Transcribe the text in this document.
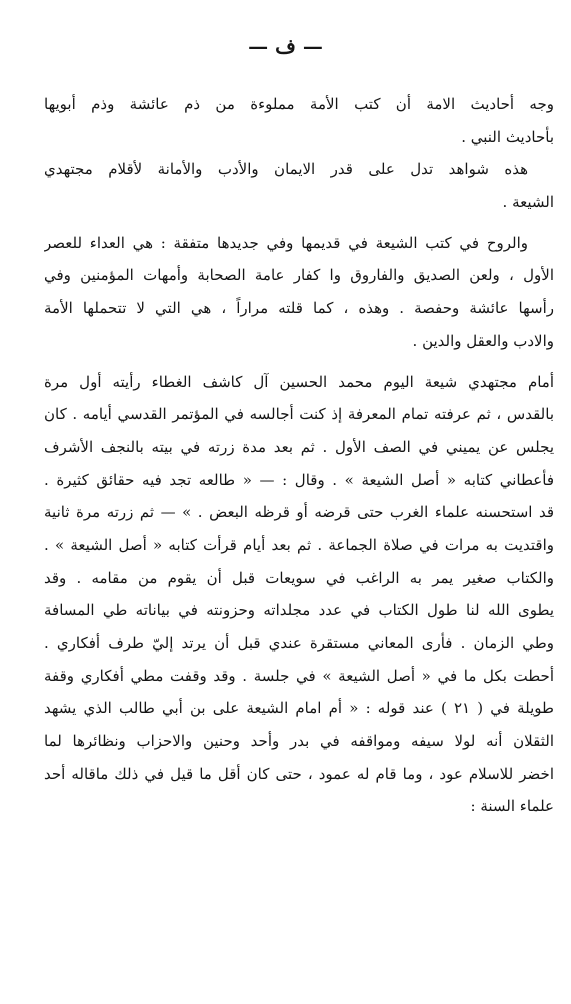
— ف —
وجه أحاديث الامة أن كتب الأمة مملوءة من ذم عائشة وذم أبويها
بأحاديث النبي .
هذه شواهد تدل على قدر الايمان والأدب والأمانة لأقلام مجتهدي
الشيعة .
والروح في كتب الشيعة في قديمها وفي جديدها متفقة : هي العداء للعصر
الأول ، ولعن الصديق والفاروق وا كفار عامة الصحابة وأمهات المؤمنين وفي
رأسها عائشة وحفصة . وهذه ، كما قلته مراراً ، هي التي لا تتحملها الأمة
والادب والعقل والدين .
أمام مجتهدي شيعة اليوم محمد الحسين آل كاشف الغطاء رأيته أول مرة
بالقدس ، ثم عرفته تمام المعرفة إذ كنت أجالسه في المؤتمر القدسي أيامه . كان
يجلس عن يميني في الصف الأول . ثم بعد مدة زرته في بيته بالنجف الأشرف
فأعطاني كتابه « أصل الشيعة » . وقال : — « طالعه تجد فيه حقائق كثيرة .
قد استحسنه علماء الغرب حتى قرضه أو قرظه البعض . » — ثم زرته مرة ثانية
واقتديت به مرات في صلاة الجماعة . ثم بعد أيام قرأت كتابه « أصل الشيعة » .
والكتاب صغير يمر به الراغب في سويعات قبل أن يقوم من مقامه . وقد
يطوى الله لنا طول الكتاب في عدد مجلداته وحزونته في بياناته طي المسافة
وطي الزمان . فأرى المعاني مستقرة عندي قبل أن يرتد إليّ طرف أفكاري .
أحطت بكل ما في « أصل الشيعة » في جلسة . وقد وقفت مطي أفكاري وقفة
طويلة في ( ٢١ ) عند قوله : « أم امام الشيعة على بن أبي طالب الذي يشهد
الثقلان أنه لولا سيفه ومواقفه في بدر وأحد وحنين والاحزاب ونظائرها لما
اخضر للاسلام عود ، وما قام له عمود ، حتى كان أقل ما قيل في ذلك ماقاله أحد
علماء السنة :
